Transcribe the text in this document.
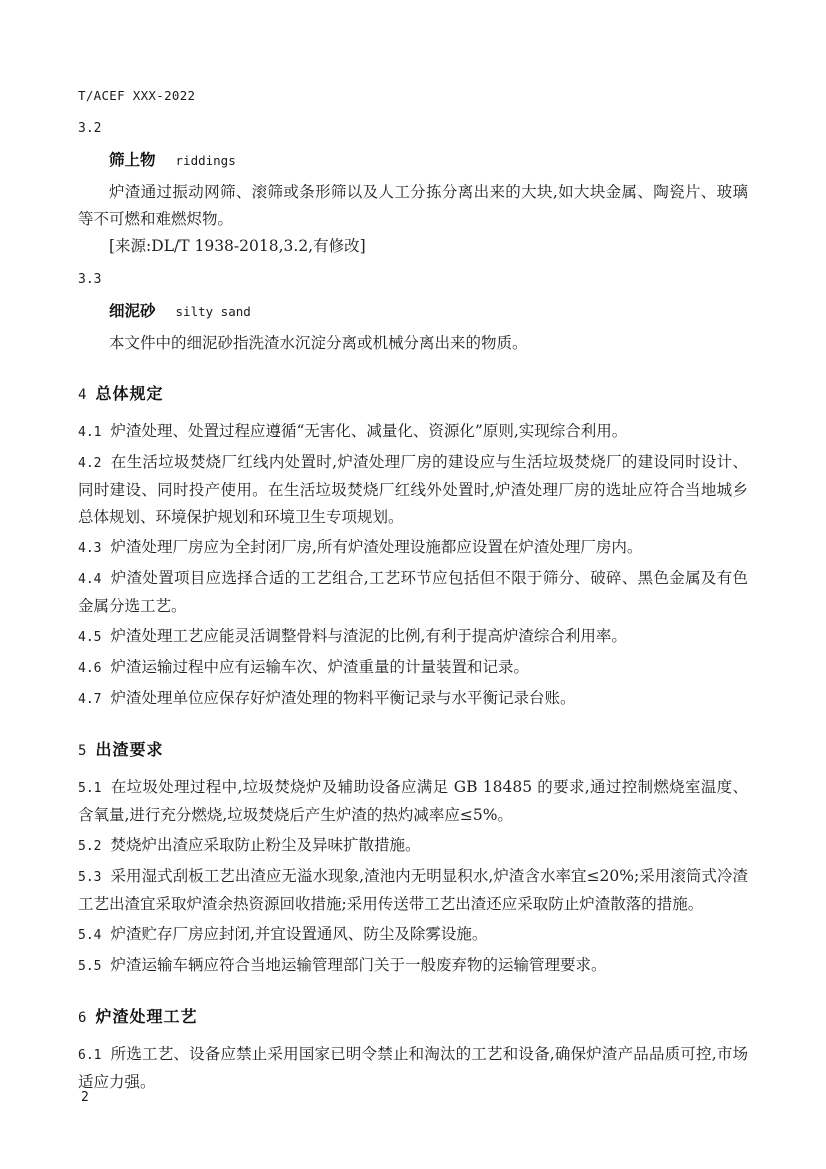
T/ACEF XXX-2022

3.2

筛上物 riddings

炉渣通过振动网筛、滚筛或条形筛以及人工分拣分离出来的大块,如大块金属、陶瓷片、玻璃等不可燃和难燃烬物。

[来源:DL/T 1938-2018,3.2,有修改]

3.3

细泥砂 silty sand

本文件中的细泥砂指洗渣水沉淀分离或机械分离出来的物质。

4 总体规定

4.1 炉渣处理、处置过程应遵循“无害化、减量化、资源化”原则,实现综合利用。

4.2 在生活垃圾焚烧厂红线内处置时,炉渣处理厂房的建设应与生活垃圾焚烧厂的建设同时设计、同时建设、同时投产使用。在生活垃圾焚烧厂红线外处置时,炉渣处理厂房的选址应符合当地城乡总体规划、环境保护规划和环境卫生专项规划。

4.3 炉渣处理厂房应为全封闭厂房,所有炉渣处理设施都应设置在炉渣处理厂房内。

4.4 炉渣处置项目应选择合适的工艺组合,工艺环节应包括但不限于筛分、破碎、黑色金属及有色金属分选工艺。

4.5 炉渣处理工艺应能灵活调整骨料与渣泥的比例,有利于提高炉渣综合利用率。

4.6 炉渣运输过程中应有运输车次、炉渣重量的计量装置和记录。

4.7 炉渣处理单位应保存好炉渣处理的物料平衡记录与水平衡记录台账。

5 出渣要求

5.1 在垃圾处理过程中,垃圾焚烧炉及辅助设备应满足 GB 18485 的要求,通过控制燃烧室温度、含氧量,进行充分燃烧,垃圾焚烧后产生炉渣的热灼减率应≤5%。

5.2 焚烧炉出渣应采取防止粉尘及异味扩散措施。

5.3 采用湿式刮板工艺出渣应无溢水现象,渣池内无明显积水,炉渣含水率宜≤20%;采用滚筒式冷渣工艺出渣宜采取炉渣余热资源回收措施;采用传送带工艺出渣还应采取防止炉渣散落的措施。

5.4 炉渣贮存厂房应封闭,并宜设置通风、防尘及除雾设施。

5.5 炉渣运输车辆应符合当地运输管理部门关于一般废弃物的运输管理要求。

6 炉渣处理工艺

6.1 所选工艺、设备应禁止采用国家已明令禁止和淘汰的工艺和设备,确保炉渣产品品质可控,市场适应力强。

2
